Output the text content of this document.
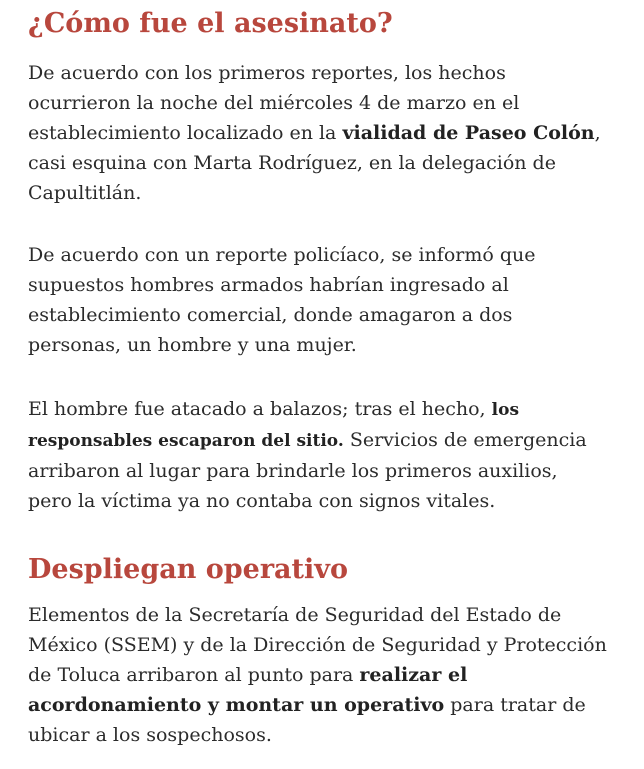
¿Cómo fue el asesinato?

De acuerdo con los primeros reportes, los hechos
ocurrieron la noche del miércoles 4 de marzo en el
establecimiento localizado en la vialidad de Paseo Colón,
casi esquina con Marta Rodríguez, en la delegación de
Capultitlán.

De acuerdo con un reporte policíaco, se informó que
supuestos hombres armados habrían ingresado al
establecimiento comercial, donde amagaron a dos
personas, un hombre y una mujer.

El hombre fue atacado a balazos; tras el hecho, los
responsables escaparon del sitio. Servicios de emergencia
arribaron al lugar para brindarle los primeros auxilios,
pero la víctima ya no contaba con signos vitales.

Despliegan operativo

Elementos de la Secretaría de Seguridad del Estado de
México (SSEM) y de la Dirección de Seguridad y Protección
de Toluca arribaron al punto para realizar el
acordonamiento y montar un operativo para tratar de
ubicar a los sospechosos.
